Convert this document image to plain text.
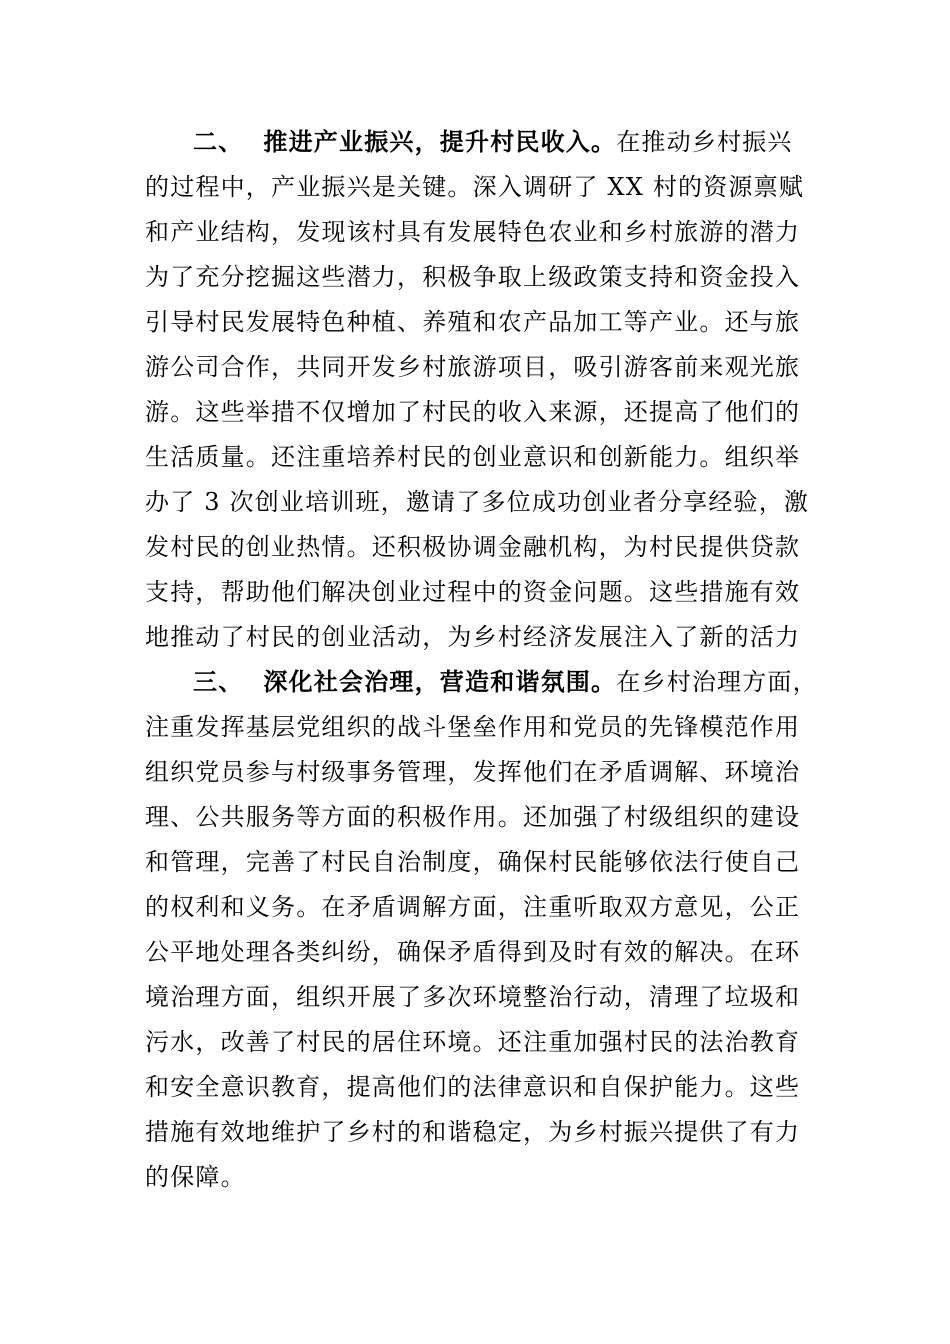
二、 推进产业振兴，提升村民收入。在推动乡村振兴
的过程中，产业振兴是关键。深入调研了 XX 村的资源禀赋
和产业结构，发现该村具有发展特色农业和乡村旅游的潜力
为了充分挖掘这些潜力，积极争取上级政策支持和资金投入
引导村民发展特色种植、养殖和农产品加工等产业。还与旅
游公司合作，共同开发乡村旅游项目，吸引游客前来观光旅
游。这些举措不仅增加了村民的收入来源，还提高了他们的
生活质量。还注重培养村民的创业意识和创新能力。组织举
办了 3 次创业培训班，邀请了多位成功创业者分享经验，激
发村民的创业热情。还积极协调金融机构，为村民提供贷款
支持，帮助他们解决创业过程中的资金问题。这些措施有效
地推动了村民的创业活动，为乡村经济发展注入了新的活力
三、 深化社会治理，营造和谐氛围。在乡村治理方面，
注重发挥基层党组织的战斗堡垒作用和党员的先锋模范作用
组织党员参与村级事务管理，发挥他们在矛盾调解、环境治
理、公共服务等方面的积极作用。还加强了村级组织的建设
和管理，完善了村民自治制度，确保村民能够依法行使自己
的权利和义务。在矛盾调解方面，注重听取双方意见，公正
公平地处理各类纠纷，确保矛盾得到及时有效的解决。在环
境治理方面，组织开展了多次环境整治行动，清理了垃圾和
污水，改善了村民的居住环境。还注重加强村民的法治教育
和安全意识教育，提高他们的法律意识和自保护能力。这些
措施有效地维护了乡村的和谐稳定，为乡村振兴提供了有力
的保障。
